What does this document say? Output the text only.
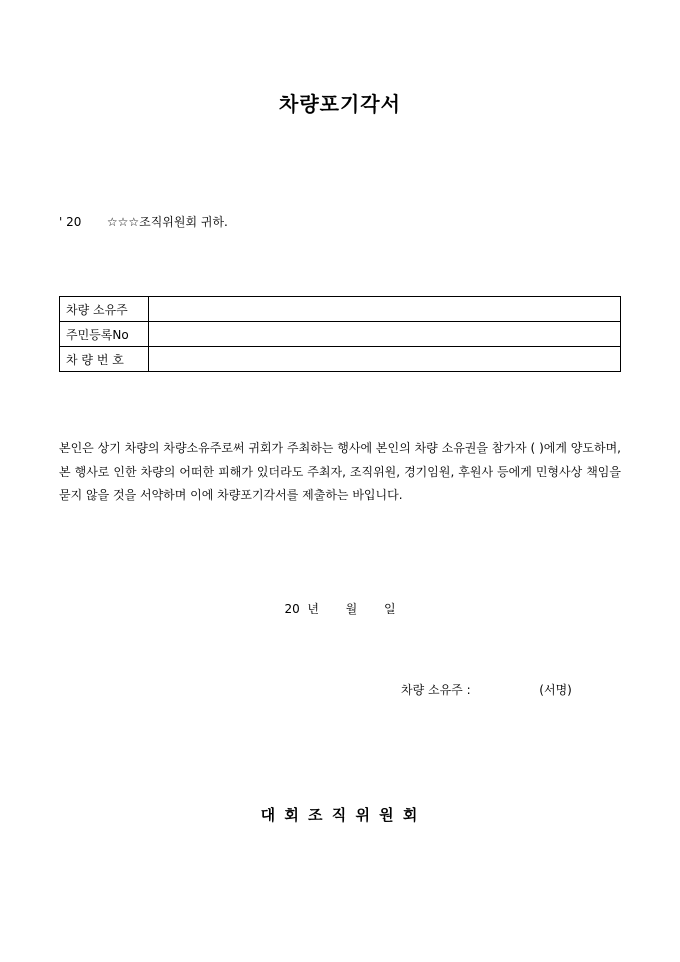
차량포기각서
' 20 ☆☆☆조직위원회 귀하.
차량 소유주	
주민등록No	
차 량 번 호	
본인은 상기 차량의 차량소유주로써 귀회가 주최하는 행사에 본인의 차량 소유권을 참가자 ( )에게 양도하며, 본 행사로 인한 차량의 어떠한 피해가 있더라도 주최자, 조직위원, 경기임원, 후원사 등에게 민형사상 책임을 묻지 않을 것을 서약하며 이에 차량포기각서를 제출하는 바입니다.
20  년       월       일
차량 소유주 :                  (서명)
대 회 조 직 위 원 회
